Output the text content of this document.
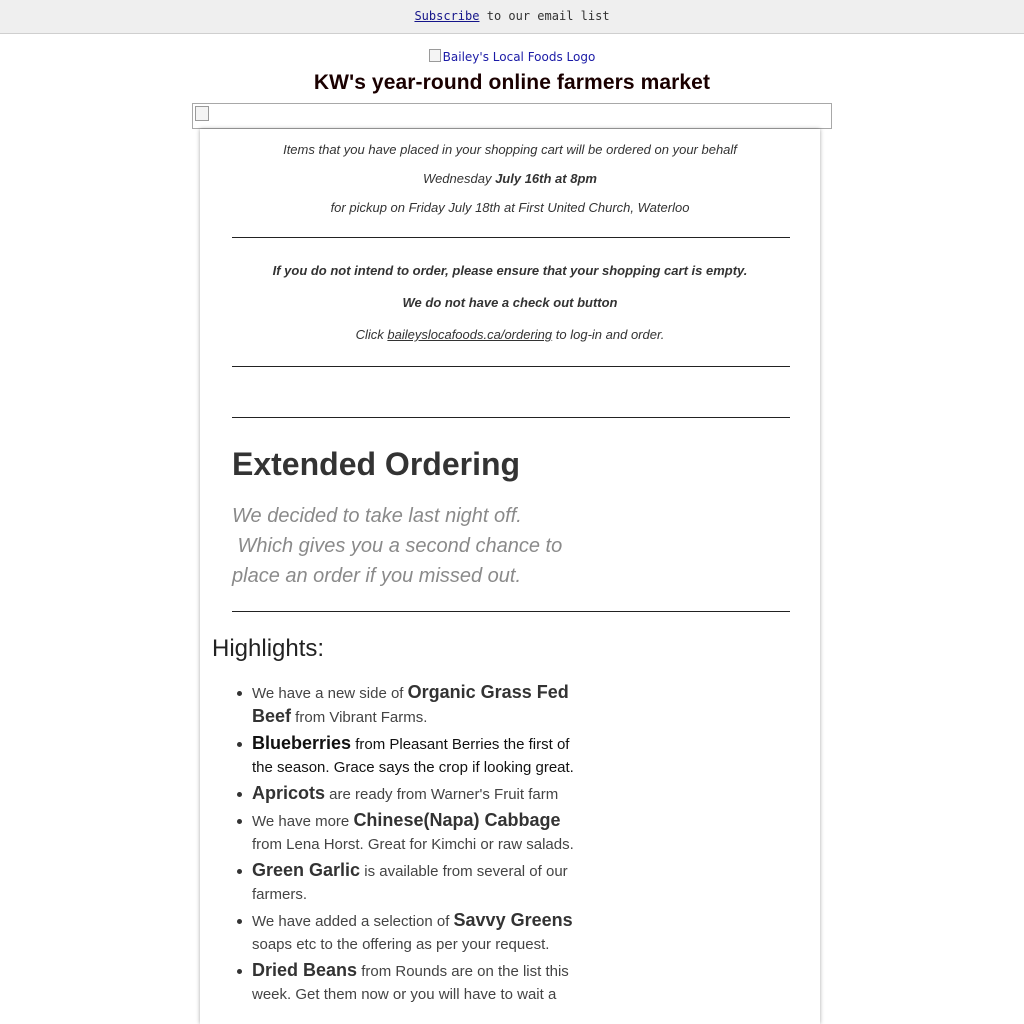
Subscribe to our email list
Bailey's Local Foods Logo
KW's year-round online farmers market
Items that you have placed in your shopping cart will be ordered on your behalf
Wednesday July 16th at 8pm
for pickup on Friday July 18th at First United Church, Waterloo
If you do not intend to order, please ensure that your shopping cart is empty.
We do not have a check out button
Click baileyslocafoods.ca/ordering to log-in and order.
Extended Ordering
We decided to take last night off.
Which gives you a second chance to
place an order if you missed out.
Highlights:
We have a new side of Organic Grass Fed Beef from Vibrant Farms.
Blueberries from Pleasant Berries the first of the season. Grace says the crop if looking great.
Apricots are ready from Warner's Fruit farm
We have more Chinese(Napa) Cabbage from Lena Horst. Great for Kimchi or raw salads.
Green Garlic is available from several of our farmers.
We have added a selection of Savvy Greens soaps etc to the offering as per your request.
Dried Beans from Rounds are on the list this week. Get them now or you will have to wait a
